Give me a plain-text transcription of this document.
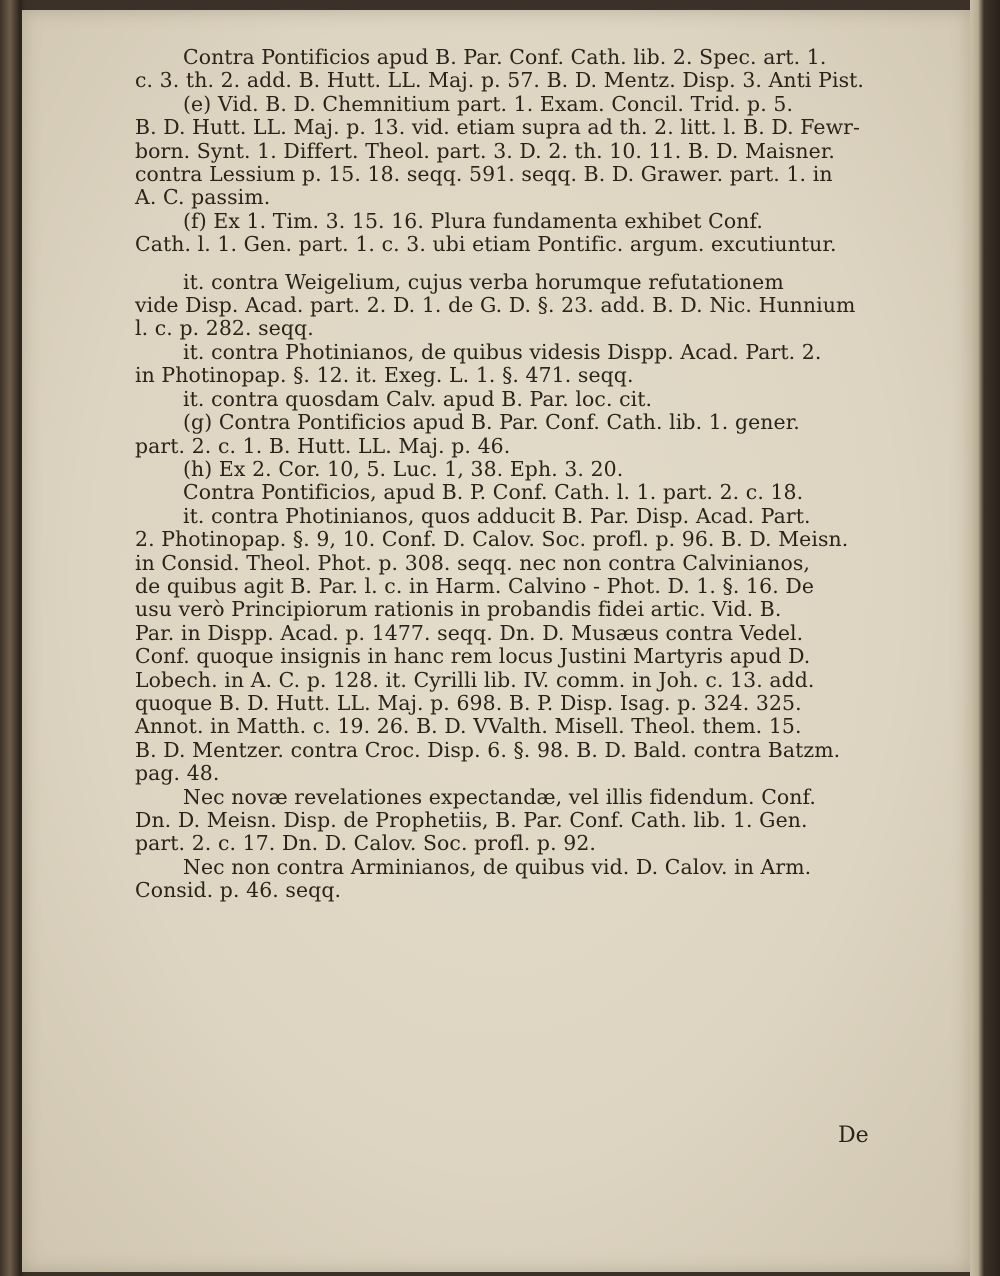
Contra Pontificios apud B. Par. Conf. Cath. lib. 2. Spec. art. 1.

c. 3. th. 2. add. B. Hutt. LL. Maj. p. 57. B. D. Mentz. Disp. 3. Anti Pist.

(e) Vid. B. D. Chemnitium part. 1. Exam. Concil. Trid. p. 5.

B. D. Hutt. LL. Maj. p. 13. vid. etiam supra ad th. 2. litt. l. B. D. Fewr-

born. Synt. 1. Differt. Theol. part. 3. D. 2. th. 10. 11. B. D. Maisner.

contra Lessium p. 15. 18. seqq. 591. seqq. B. D. Grawer. part. 1. in

A. C. passim.

(f) Ex 1. Tim. 3. 15. 16. Plura fundamenta exhibet Conf.

Cath. l. 1. Gen. part. 1. c. 3. ubi etiam Pontific. argum. excutiuntur.

it. contra Weigelium, cujus verba horumque refutationem

vide Disp. Acad. part. 2. D. 1. de G. D. §. 23. add. B. D. Nic. Hunnium

l. c. p. 282. seqq.

it. contra Photinianos, de quibus videsis Dispp. Acad. Part. 2.

in Photinopap. §. 12. it. Exeg. L. 1. §. 471. seqq.

it. contra quosdam Calv. apud B. Par. loc. cit.

(g) Contra Pontificios apud B. Par. Conf. Cath. lib. 1. gener.

part. 2. c. 1. B. Hutt. LL. Maj. p. 46.

(h) Ex 2. Cor. 10, 5. Luc. 1, 38. Eph. 3. 20.

Contra Pontificios, apud B. P. Conf. Cath. l. 1. part. 2. c. 18.

it. contra Photinianos, quos adducit B. Par. Disp. Acad. Part.

2. Photinopap. §. 9, 10. Conf. D. Calov. Soc. profl. p. 96. B. D. Meisn.

in Consid. Theol. Phot. p. 308. seqq. nec non contra Calvinianos,

de quibus agit B. Par. l. c. in Harm. Calvino - Phot. D. 1. §. 16. De

usu verò Principiorum rationis in probandis fidei artic. Vid. B.

Par. in Dispp. Acad. p. 1477. seqq. Dn. D. Musæus contra Vedel.

Conf. quoque insignis in hanc rem locus Justini Martyris apud D.

Lobech. in A. C. p. 128. it. Cyrilli lib. IV. comm. in Joh. c. 13. add.

quoque B. D. Hutt. LL. Maj. p. 698. B. P. Disp. Isag. p. 324. 325.

Annot. in Matth. c. 19. 26. B. D. VValth. Misell. Theol. them. 15.

B. D. Mentzer. contra Croc. Disp. 6. §. 98. B. D. Bald. contra Batzm.

pag. 48.

Nec novæ revelationes expectandæ, vel illis fidendum. Conf.

Dn. D. Meisn. Disp. de Prophetiis, B. Par. Conf. Cath. lib. 1. Gen.

part. 2. c. 17. Dn. D. Calov. Soc. profl. p. 92.

Nec non contra Arminianos, de quibus vid. D. Calov. in Arm.

Consid. p. 46. seqq.

De
